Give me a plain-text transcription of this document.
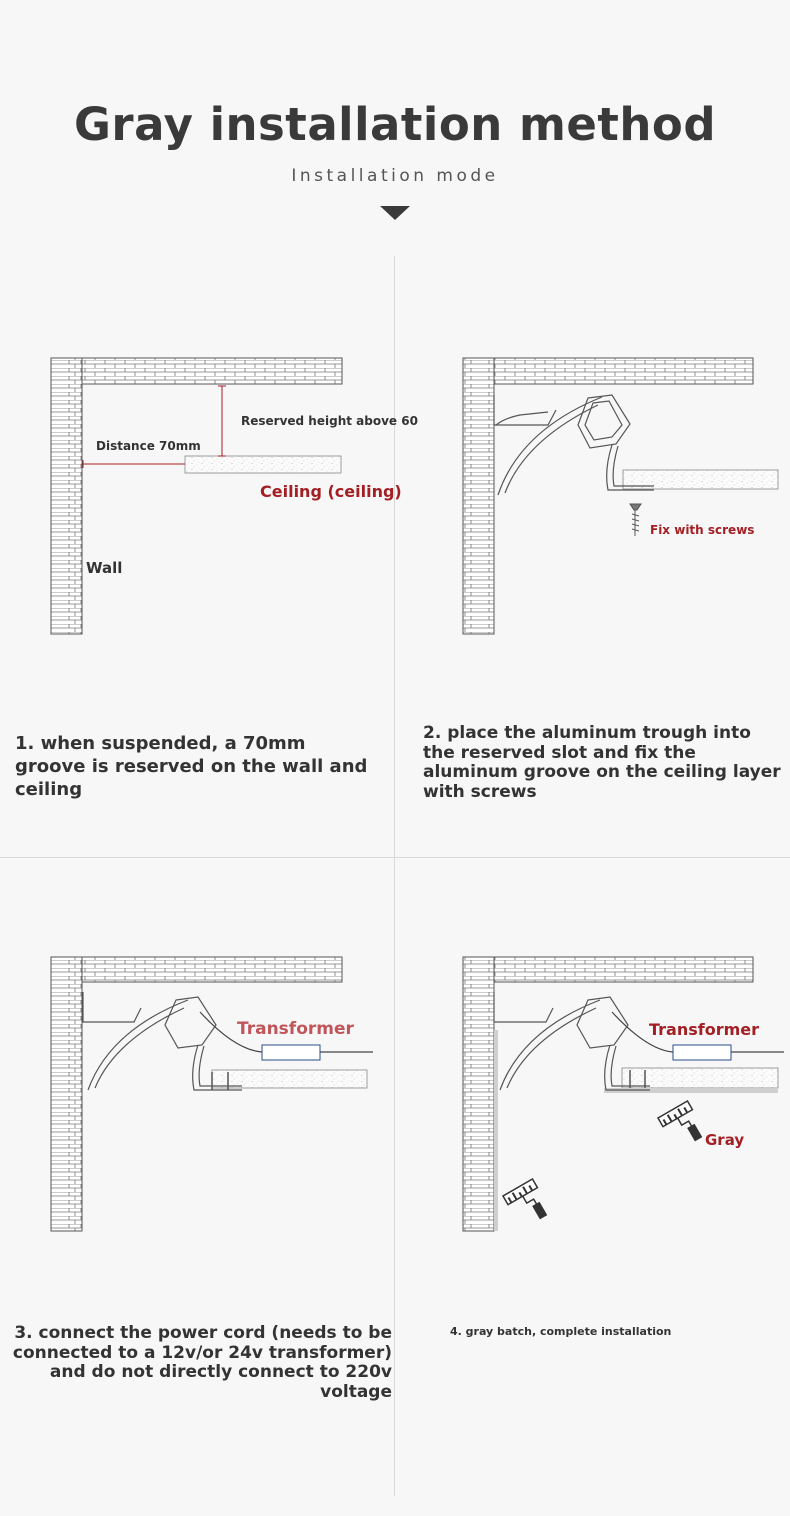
Gray installation method
Installation mode
Reserved height above 60
Distance 70mm
Ceiling (ceiling)
Wall
1. when suspended, a 70mm groove is reserved on the wall and ceiling
Fix with screws
2. place the aluminum trough into the reserved slot and fix the aluminum groove on the ceiling layer with screws
Transformer
3. connect the power cord (needs to be connected to a 12v/or 24v transformer) and do not directly connect to 220v voltage
Transformer
Gray
4. gray batch, complete installation
